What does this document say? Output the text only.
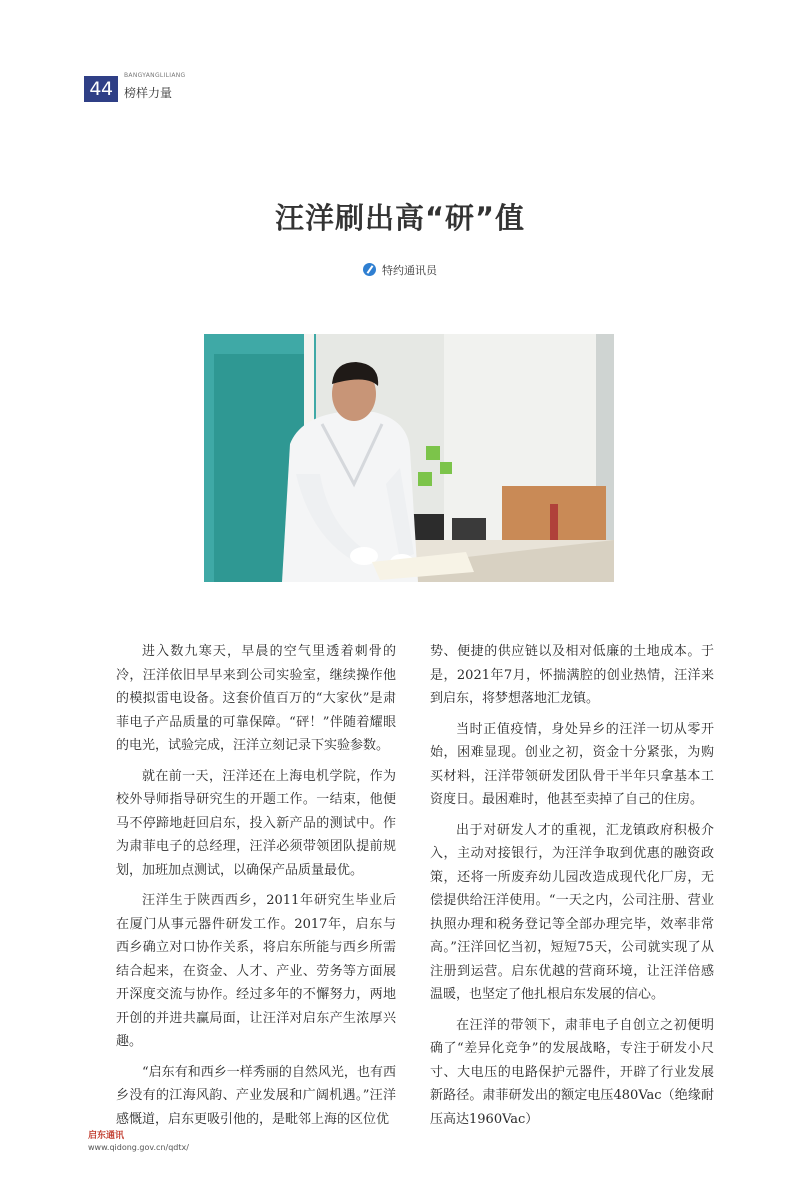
44
BANGYANGLILIANG
榜样力量
汪洋刷出高“研”值
特约通讯员

进入数九寒天，早晨的空气里透着刺骨的冷，汪洋依旧早早来到公司实验室，继续操作他的模拟雷电设备。这套价值百万的“大家伙”是肃菲电子产品质量的可靠保障。“砰！”伴随着耀眼的电光，试验完成，汪洋立刻记录下实验参数。

就在前一天，汪洋还在上海电机学院，作为校外导师指导研究生的开题工作。一结束，他便马不停蹄地赶回启东，投入新产品的测试中。作为肃菲电子的总经理，汪洋必须带领团队提前规划，加班加点测试，以确保产品质量最优。

汪洋生于陕西西乡，2011年研究生毕业后在厦门从事元器件研发工作。2017年，启东与西乡确立对口协作关系，将启东所能与西乡所需结合起来，在资金、人才、产业、劳务等方面展开深度交流与协作。经过多年的不懈努力，两地开创的并进共赢局面，让汪洋对启东产生浓厚兴趣。

“启东有和西乡一样秀丽的自然风光，也有西乡没有的江海风韵、产业发展和广阔机遇。”汪洋感慨道，启东更吸引他的，是毗邻上海的区位优

势、便捷的供应链以及相对低廉的土地成本。于是，2021年7月，怀揣满腔的创业热情，汪洋来到启东，将梦想落地汇龙镇。

当时正值疫情，身处异乡的汪洋一切从零开始，困难显现。创业之初，资金十分紧张，为购买材料，汪洋带领研发团队骨干半年只拿基本工资度日。最困难时，他甚至卖掉了自己的住房。

出于对研发人才的重视，汇龙镇政府积极介入，主动对接银行，为汪洋争取到优惠的融资政策，还将一所废弃幼儿园改造成现代化厂房，无偿提供给汪洋使用。“一天之内，公司注册、营业执照办理和税务登记等全部办理完毕，效率非常高。”汪洋回忆当初，短短75天，公司就实现了从注册到运营。启东优越的营商环境，让汪洋倍感温暖，也坚定了他扎根启东发展的信心。

在汪洋的带领下，肃菲电子自创立之初便明确了“差异化竞争”的发展战略，专注于研发小尺寸、大电压的电路保护元器件，开辟了行业发展新路径。肃菲研发出的额定电压480Vac（绝缘耐压高达1960Vac）

启东通讯
www.qidong.gov.cn/qdtx/
